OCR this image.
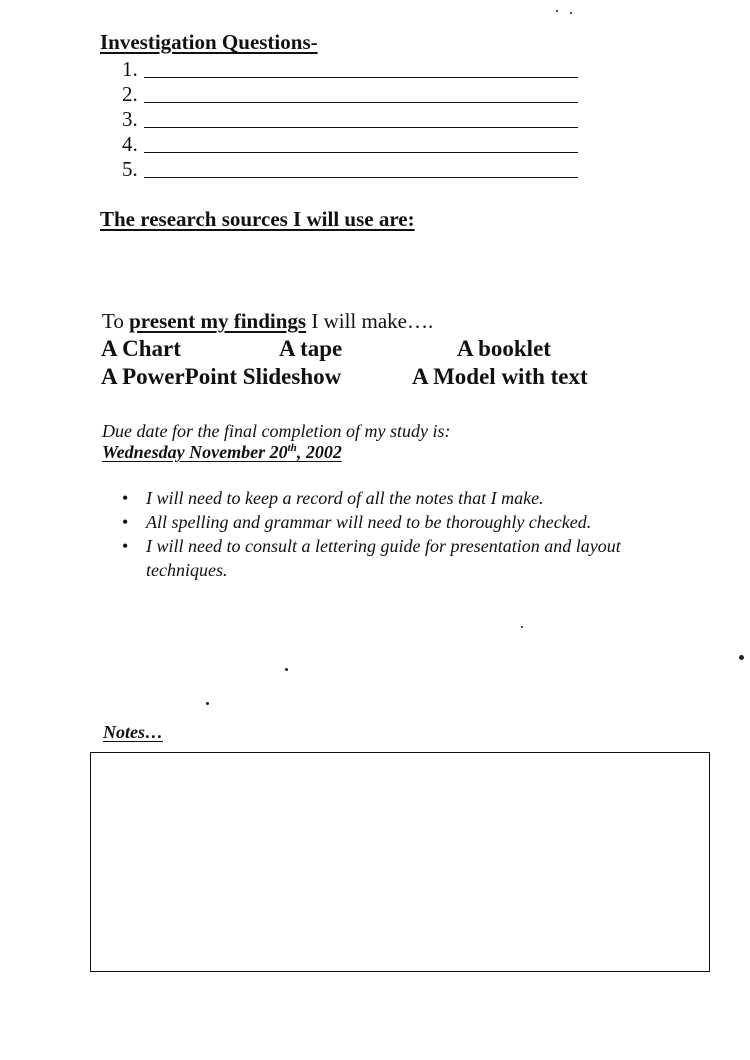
Investigation Questions-
1.
2.
3.
4.
5.
The research sources I will use are:
To present my findings I will make….
A Chart	A tape	A booklet
A PowerPoint Slideshow	A Model with text
Due date for the final completion of my study is:
Wednesday November 20th, 2002
• I will need to keep a record of all the notes that I make.
• All spelling and grammar will need to be thoroughly checked.
• I will need to consult a lettering guide for presentation and layout techniques.
Notes…
